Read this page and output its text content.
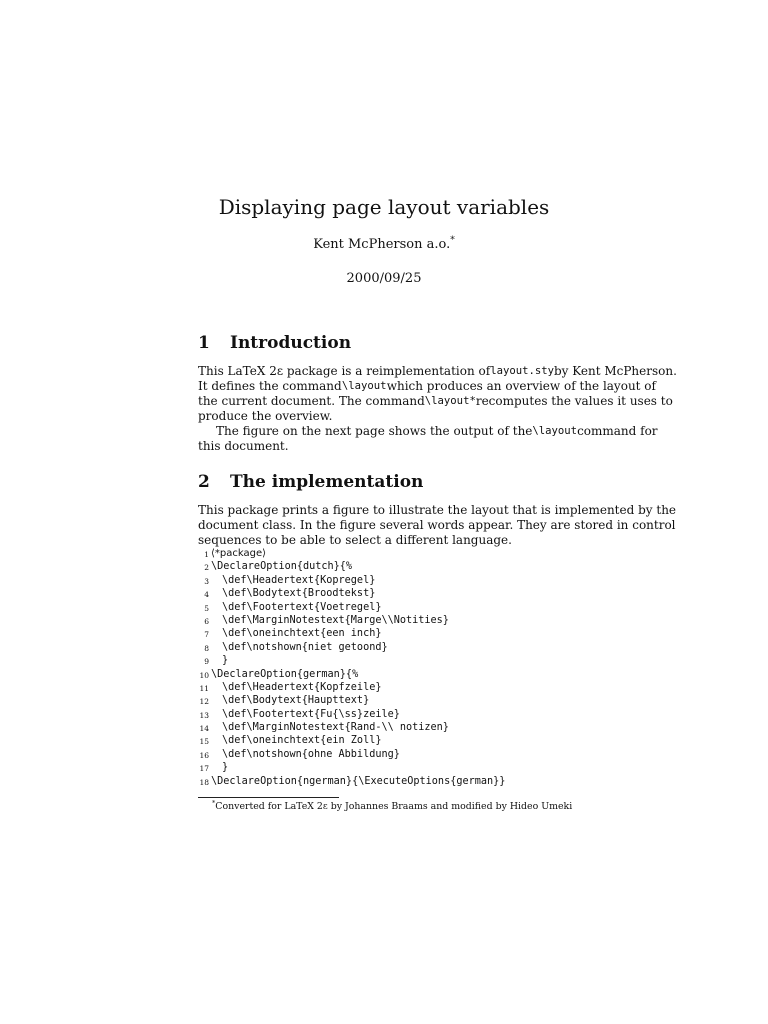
Displaying page layout variables
Kent McPherson a.o.*
2000/09/25
1 Introduction
This LaTeX 2ε package is a reimplementation of layout.sty by Kent McPherson.
It defines the command \layout which produces an overview of the layout of
the current document. The command \layout* recomputes the values it uses to
produce the overview.
The figure on the next page shows the output of the \layout command for
this document.
2 The implementation
This package prints a figure to illustrate the layout that is implemented by the
document class. In the figure several words appear. They are stored in control
sequences to be able to select a different language.
1 ⟨*package⟩
2 \DeclareOption{dutch}{%
3 \def\Headertext{Kopregel}
4 \def\Bodytext{Broodtekst}
5 \def\Footertext{Voetregel}
6 \def\MarginNotestext{Marge\\Notities}
7 \def\oneinchtext{een inch}
8 \def\notshown{niet getoond}
9 }
10 \DeclareOption{german}{%
11 \def\Headertext{Kopfzeile}
12 \def\Bodytext{Haupttext}
13 \def\Footertext{Fu{\ss}zeile}
14 \def\MarginNotestext{Rand-\\ notizen}
15 \def\oneinchtext{ein Zoll}
16 \def\notshown{ohne Abbildung}
17 }
18 \DeclareOption{ngerman}{\ExecuteOptions{german}}
*Converted for LaTeX 2ε by Johannes Braams and modified by Hideo Umeki
